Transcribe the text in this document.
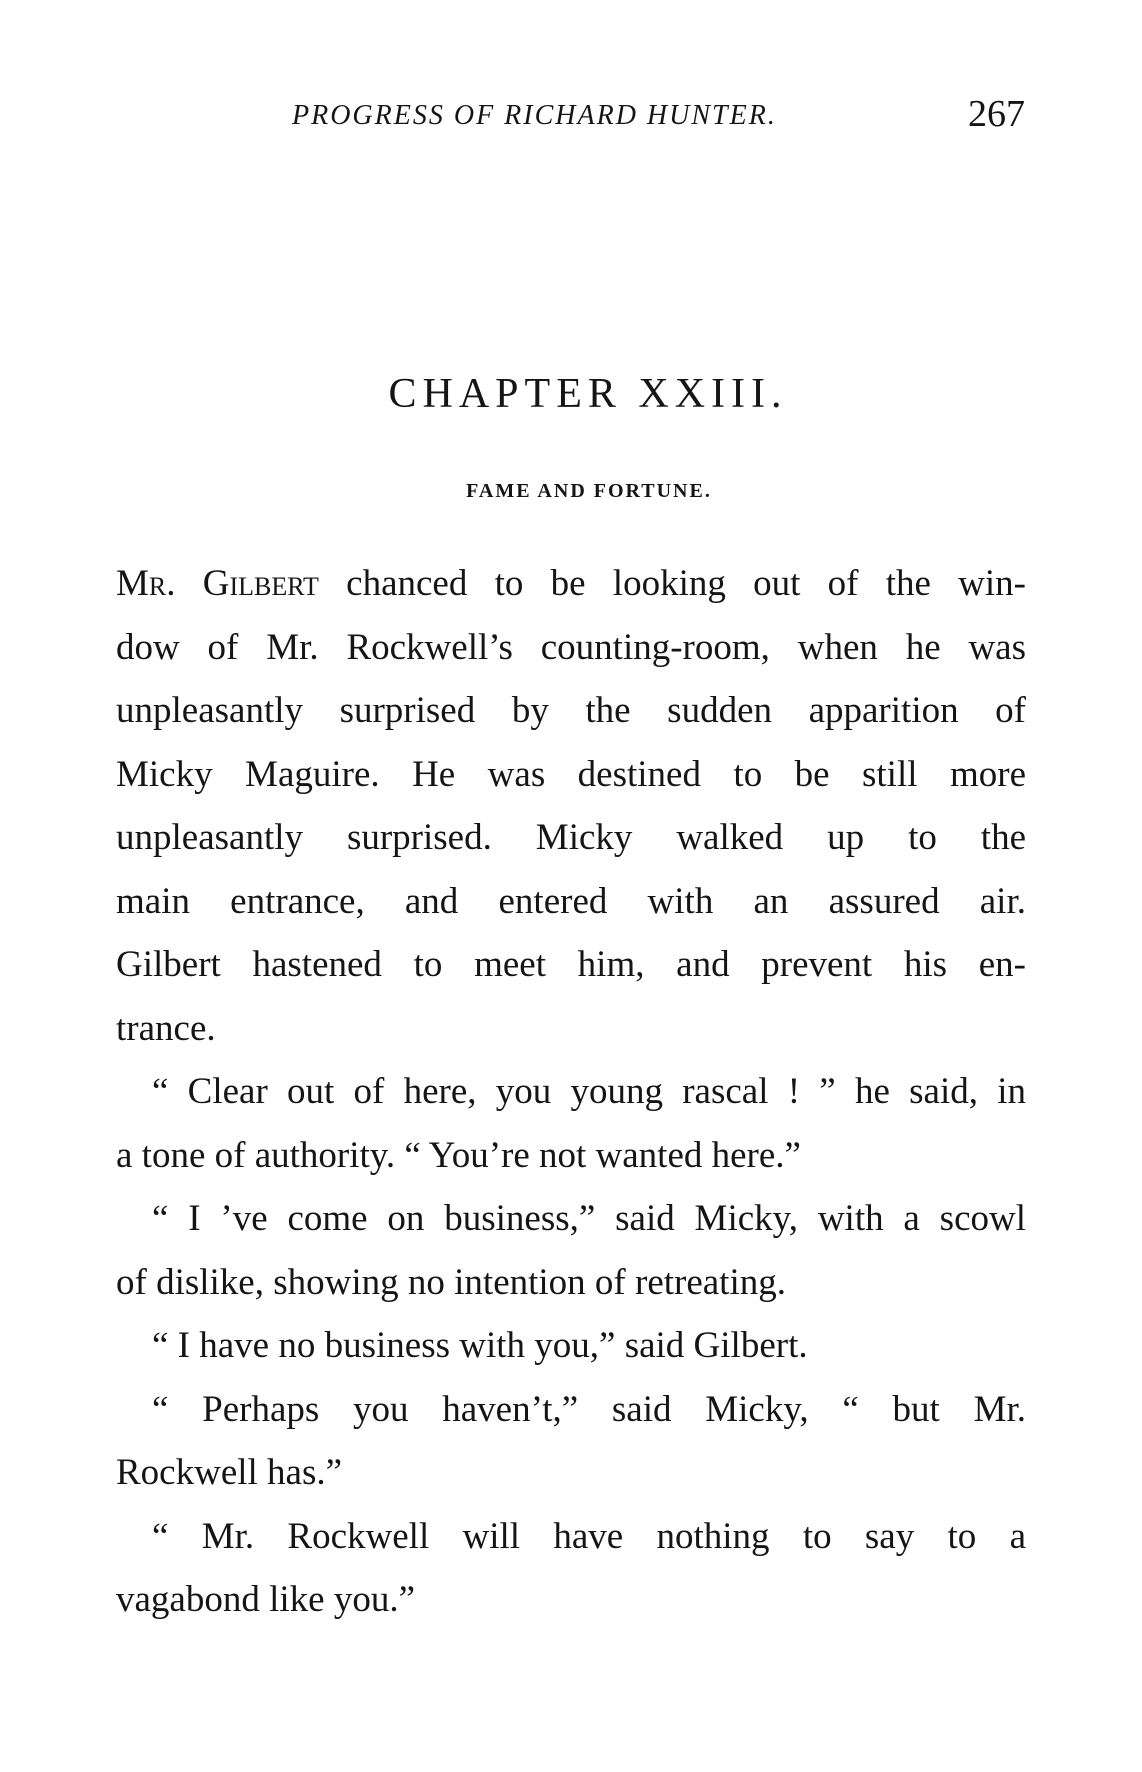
PROGRESS OF RICHARD HUNTER.	267
CHAPTER XXIII.
FAME AND FORTUNE.
Mr. Gilbert chanced to be looking out of the win-
dow of Mr. Rockwell’s counting-room, when he was
unpleasantly surprised by the sudden apparition of
Micky Maguire. He was destined to be still more
unpleasantly surprised. Micky walked up to the
main entrance, and entered with an assured air.
Gilbert hastened to meet him, and prevent his en-
trance.
“ Clear out of here, you young rascal ! ” he said, in
a tone of authority. “ You’re not wanted here.”
“ I ’ve come on business,” said Micky, with a scowl
of dislike, showing no intention of retreating.
“ I have no business with you,” said Gilbert.
“ Perhaps you haven’t,” said Micky, “ but Mr.
Rockwell has.”
“ Mr. Rockwell will have nothing to say to a
vagabond like you.”
